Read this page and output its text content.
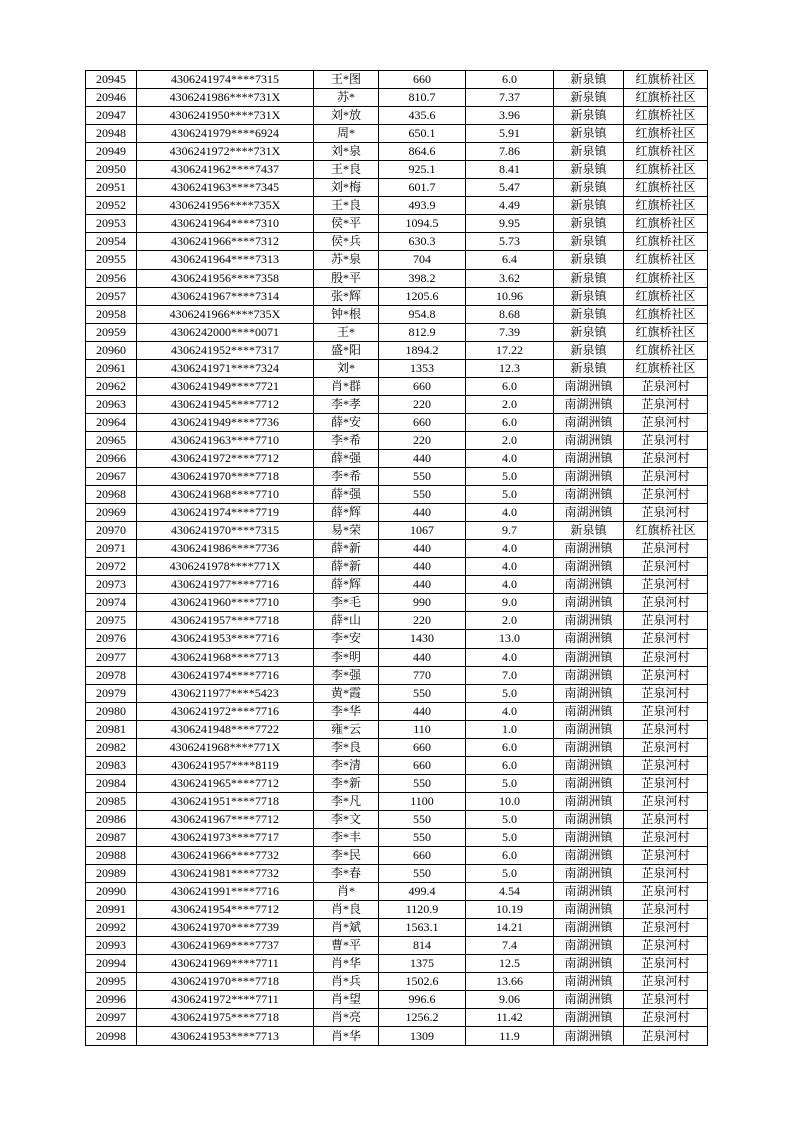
20945	4306241974****7315	王*图	660	6.0	新泉镇	红旗桥社区
20946	4306241986****731X	苏*	810.7	7.37	新泉镇	红旗桥社区
20947	4306241950****731X	刘*放	435.6	3.96	新泉镇	红旗桥社区
20948	4306241979****6924	周*	650.1	5.91	新泉镇	红旗桥社区
20949	4306241972****731X	刘*泉	864.6	7.86	新泉镇	红旗桥社区
20950	4306241962****7437	王*良	925.1	8.41	新泉镇	红旗桥社区
20951	4306241963****7345	刘*梅	601.7	5.47	新泉镇	红旗桥社区
20952	4306241956****735X	王*良	493.9	4.49	新泉镇	红旗桥社区
20953	4306241964****7310	侯*平	1094.5	9.95	新泉镇	红旗桥社区
20954	4306241966****7312	侯*兵	630.3	5.73	新泉镇	红旗桥社区
20955	4306241964****7313	苏*泉	704	6.4	新泉镇	红旗桥社区
20956	4306241956****7358	殷*平	398.2	3.62	新泉镇	红旗桥社区
20957	4306241967****7314	张*辉	1205.6	10.96	新泉镇	红旗桥社区
20958	4306241966****735X	钟*根	954.8	8.68	新泉镇	红旗桥社区
20959	4306242000****0071	王*	812.9	7.39	新泉镇	红旗桥社区
20960	4306241952****7317	盛*阳	1894.2	17.22	新泉镇	红旗桥社区
20961	4306241971****7324	刘*	1353	12.3	新泉镇	红旗桥社区
20962	4306241949****7721	肖*群	660	6.0	南湖洲镇	芷泉河村
20963	4306241945****7712	李*孝	220	2.0	南湖洲镇	芷泉河村
20964	4306241949****7736	薛*安	660	6.0	南湖洲镇	芷泉河村
20965	4306241963****7710	李*希	220	2.0	南湖洲镇	芷泉河村
20966	4306241972****7712	薛*强	440	4.0	南湖洲镇	芷泉河村
20967	4306241970****7718	李*希	550	5.0	南湖洲镇	芷泉河村
20968	4306241968****7710	薛*强	550	5.0	南湖洲镇	芷泉河村
20969	4306241974****7719	薛*辉	440	4.0	南湖洲镇	芷泉河村
20970	4306241970****7315	易*荣	1067	9.7	新泉镇	红旗桥社区
20971	4306241986****7736	薛*新	440	4.0	南湖洲镇	芷泉河村
20972	4306241978****771X	薛*新	440	4.0	南湖洲镇	芷泉河村
20973	4306241977****7716	薛*辉	440	4.0	南湖洲镇	芷泉河村
20974	4306241960****7710	李*毛	990	9.0	南湖洲镇	芷泉河村
20975	4306241957****7718	薛*山	220	2.0	南湖洲镇	芷泉河村
20976	4306241953****7716	李*安	1430	13.0	南湖洲镇	芷泉河村
20977	4306241968****7713	李*明	440	4.0	南湖洲镇	芷泉河村
20978	4306241974****7716	李*强	770	7.0	南湖洲镇	芷泉河村
20979	4306211977****5423	黄*霞	550	5.0	南湖洲镇	芷泉河村
20980	4306241972****7716	李*华	440	4.0	南湖洲镇	芷泉河村
20981	4306241948****7722	雍*云	110	1.0	南湖洲镇	芷泉河村
20982	4306241968****771X	李*良	660	6.0	南湖洲镇	芷泉河村
20983	4306241957****8119	李*清	660	6.0	南湖洲镇	芷泉河村
20984	4306241965****7712	李*新	550	5.0	南湖洲镇	芷泉河村
20985	4306241951****7718	李*凡	1100	10.0	南湖洲镇	芷泉河村
20986	4306241967****7712	李*文	550	5.0	南湖洲镇	芷泉河村
20987	4306241973****7717	李*丰	550	5.0	南湖洲镇	芷泉河村
20988	4306241966****7732	李*民	660	6.0	南湖洲镇	芷泉河村
20989	4306241981****7732	李*春	550	5.0	南湖洲镇	芷泉河村
20990	4306241991****7716	肖*	499.4	4.54	南湖洲镇	芷泉河村
20991	4306241954****7712	肖*良	1120.9	10.19	南湖洲镇	芷泉河村
20992	4306241970****7739	肖*斌	1563.1	14.21	南湖洲镇	芷泉河村
20993	4306241969****7737	曹*平	814	7.4	南湖洲镇	芷泉河村
20994	4306241969****7711	肖*华	1375	12.5	南湖洲镇	芷泉河村
20995	4306241970****7718	肖*兵	1502.6	13.66	南湖洲镇	芷泉河村
20996	4306241972****7711	肖*望	996.6	9.06	南湖洲镇	芷泉河村
20997	4306241975****7718	肖*亮	1256.2	11.42	南湖洲镇	芷泉河村
20998	4306241953****7713	肖*华	1309	11.9	南湖洲镇	芷泉河村
